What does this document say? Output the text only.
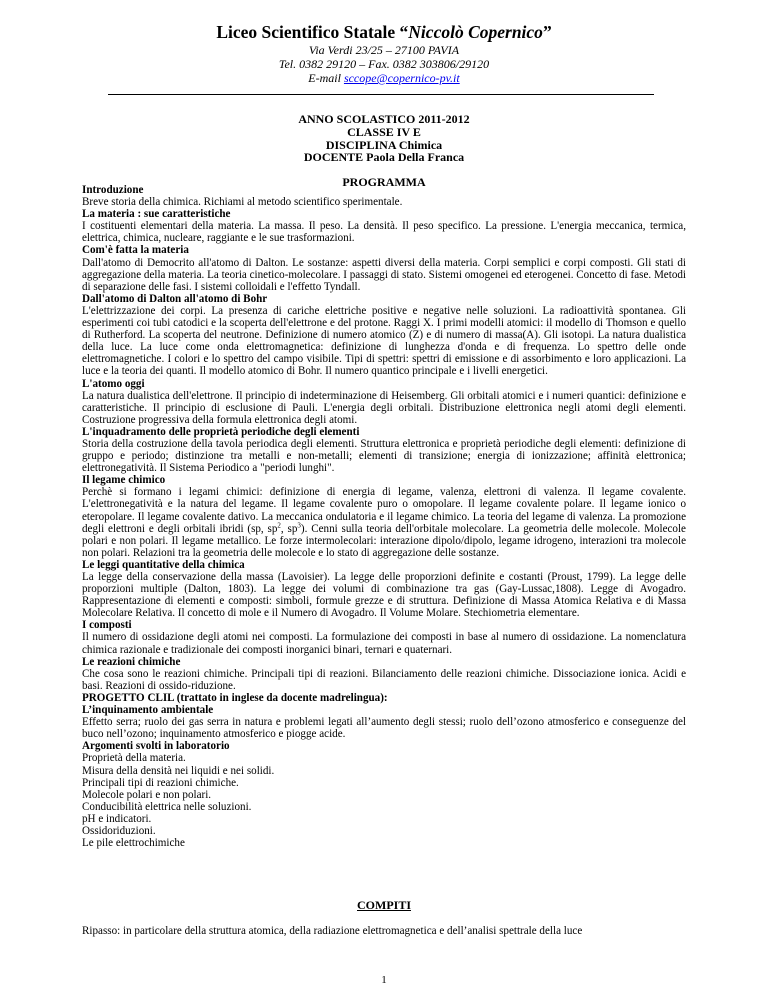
Liceo Scientifico Statale “Niccolò Copernico”
Via Verdi 23/25 – 27100 PAVIA
Tel. 0382 29120 – Fax. 0382 303806/29120
E-mail sccope@copernico-pv.it
ANNO SCOLASTICO 2011-2012
CLASSE IV E
DISCIPLINA Chimica
DOCENTE Paola Della Franca
PROGRAMMA

Introduzione

Breve storia della chimica. Richiami al metodo scientifico sperimentale.

La materia : sue caratteristiche

I costituenti elementari della materia. La massa. Il peso. La densità. Il peso specifico. La pressione. L'energia meccanica, termica, elettrica, chimica, nucleare, raggiante e le sue trasformazioni.

Com'è fatta la materia

Dall'atomo di Democrito all'atomo di Dalton. Le sostanze: aspetti diversi della materia. Corpi semplici e corpi composti. Gli stati di aggregazione della materia. La teoria cinetico-molecolare. I passaggi di stato. Sistemi omogenei ed eterogenei. Concetto di fase. Metodi di separazione delle fasi. I sistemi colloidali e l'effetto Tyndall.

Dall'atomo di Dalton all'atomo di Bohr

L'elettrizzazione dei corpi. La presenza di cariche elettriche positive e negative nelle soluzioni. La radioattività spontanea. Gli esperimenti coi tubi catodici e la scoperta dell'elettrone e del protone. Raggi X. I primi modelli atomici: il modello di Thomson e quello di Rutherford. La scoperta del neutrone. Definizione di numero atomico (Z) e di numero di massa(A). Gli isotopi. La natura dualistica della luce. La luce come onda elettromagnetica: definizione di lunghezza d'onda e di frequenza. Lo spettro delle onde elettromagnetiche. I colori e lo spettro del campo visibile. Tipi di spettri: spettri di emissione e di assorbimento e loro applicazioni. La luce e la teoria dei quanti. Il modello atomico di Bohr. Il numero quantico principale e i livelli energetici.

L'atomo oggi

La natura dualistica dell'elettrone. Il principio di indeterminazione di Heisemberg. Gli orbitali atomici e i numeri quantici: definizione e caratteristiche. Il principio di esclusione di Pauli. L'energia degli orbitali. Distribuzione elettronica negli atomi degli elementi. Costruzione progressiva della formula elettronica degli atomi.

L'inquadramento delle proprietà periodiche degli elementi

Storia della costruzione della tavola periodica degli elementi. Struttura elettronica e proprietà periodiche degli elementi: definizione di gruppo e periodo; distinzione tra metalli e non-metalli; elementi di transizione; energia di ionizzazione; affinità elettronica; elettronegatività. Il Sistema Periodico a "periodi lunghi".

Il legame chimico

Perchè si formano i legami chimici: definizione di energia di legame, valenza, elettroni di valenza. Il legame covalente. L'elettronegatività e la natura del legame. Il legame covalente puro o omopolare. Il legame covalente polare. Il legame ionico o eteropolare. Il legame covalente dativo. La meccanica ondulatoria e il legame chimico. La teoria del legame di valenza. La promozione degli elettroni e degli orbitali ibridi (sp, $sp^2$, $sp^3$). Cenni sulla teoria dell'orbitale molecolare. La geometria delle molecole. Molecole polari e non polari. Il legame metallico. Le forze intermolecolari: interazione dipolo/dipolo, legame idrogeno, interazioni tra molecole non polari. Relazioni tra la geometria delle molecole e lo stato di aggregazione delle sostanze.

Le leggi quantitative della chimica

La legge della conservazione della massa (Lavoisier). La legge delle proporzioni definite e costanti (Proust, 1799). La legge delle proporzioni multiple (Dalton, 1803). La legge dei volumi di combinazione tra gas (Gay-Lussac,1808). Legge di Avogadro. Rappresentazione di elementi e composti: simboli, formule grezze e di struttura. Definizione di Massa Atomica Relativa e di Massa Molecolare Relativa. Il concetto di mole e il Numero di Avogadro. Il Volume Molare. Stechiometria elementare.

I composti

Il numero di ossidazione degli atomi nei composti. La formulazione dei composti in base al numero di ossidazione. La nomenclatura chimica razionale e tradizionale dei composti inorganici binari, ternari e quaternari.

Le reazioni chimiche

Che cosa sono le reazioni chimiche. Principali tipi di reazioni. Bilanciamento delle reazioni chimiche. Dissociazione ionica. Acidi e basi. Reazioni di ossido-riduzione.

PROGETTO CLIL (trattato in inglese da docente madrelingua):

L’inquinamento ambientale

Effetto serra; ruolo dei gas serra in natura e problemi legati all’aumento degli stessi; ruolo dell’ozono atmosferico e conseguenze del buco nell’ozono; inquinamento atmosferico e piogge acide.

Argomenti svolti in laboratorio

Proprietà della materia.
Misura della densità nei liquidi e nei solidi.
Principali tipi di reazioni chimiche.
Molecole polari e non polari.
Conducibilità elettrica nelle soluzioni.
pH e indicatori.
Ossidoriduzioni.
Le pile elettrochimiche
COMPITI
Ripasso: in particolare della struttura atomica, della radiazione elettromagnetica e dell’analisi spettrale della luce
1
